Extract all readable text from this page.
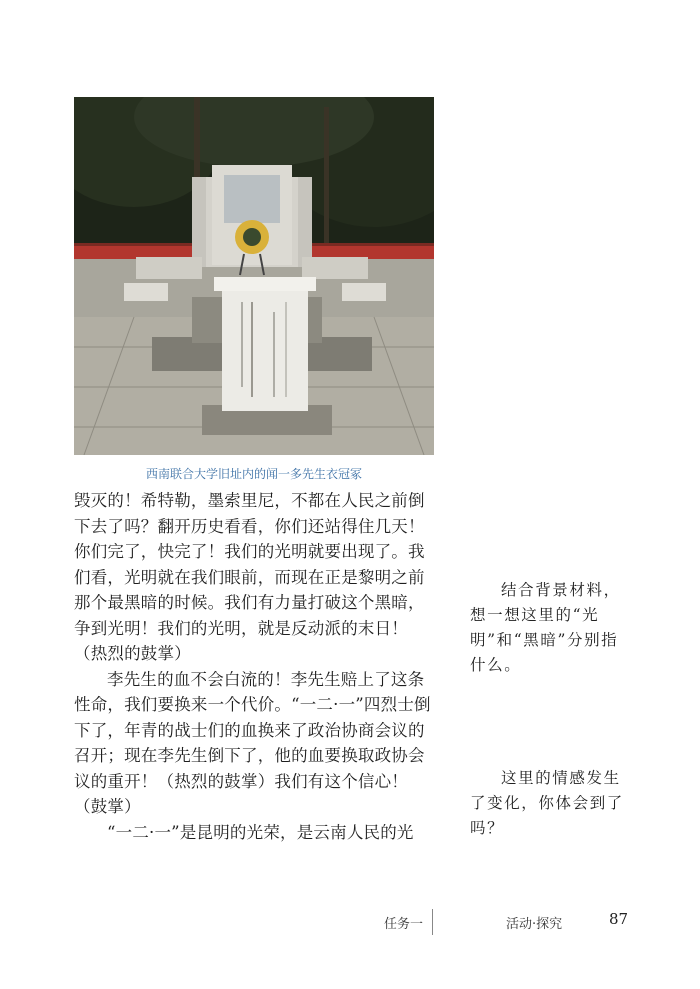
西南联合大学旧址内的闻一多先生衣冠冢

毁灭的！希特勒，墨索里尼，不都在人民之前倒下去了吗？翻开历史看看，你们还站得住几天！你们完了，快完了！我们的光明就要出现了。我们看，光明就在我们眼前，而现在正是黎明之前那个最黑暗的时候。我们有力量打破这个黑暗，争到光明！我们的光明，就是反动派的末日！（热烈的鼓掌）

李先生的血不会白流的！李先生赔上了这条性命，我们要换来一个代价。“一二·一”四烈士倒下了，年青的战士们的血换来了政治协商会议的召开；现在李先生倒下了，他的血要换取政协会议的重开！（热烈的鼓掌）我们有这个信心！（鼓掌）

“一二·一”是昆明的光荣，是云南人民的光

结合背景材料，想一想这里的“光明”和“黑暗”分别指什么。
这里的情感发生了变化，你体会到了吗？
任务一	活动·探究	87
